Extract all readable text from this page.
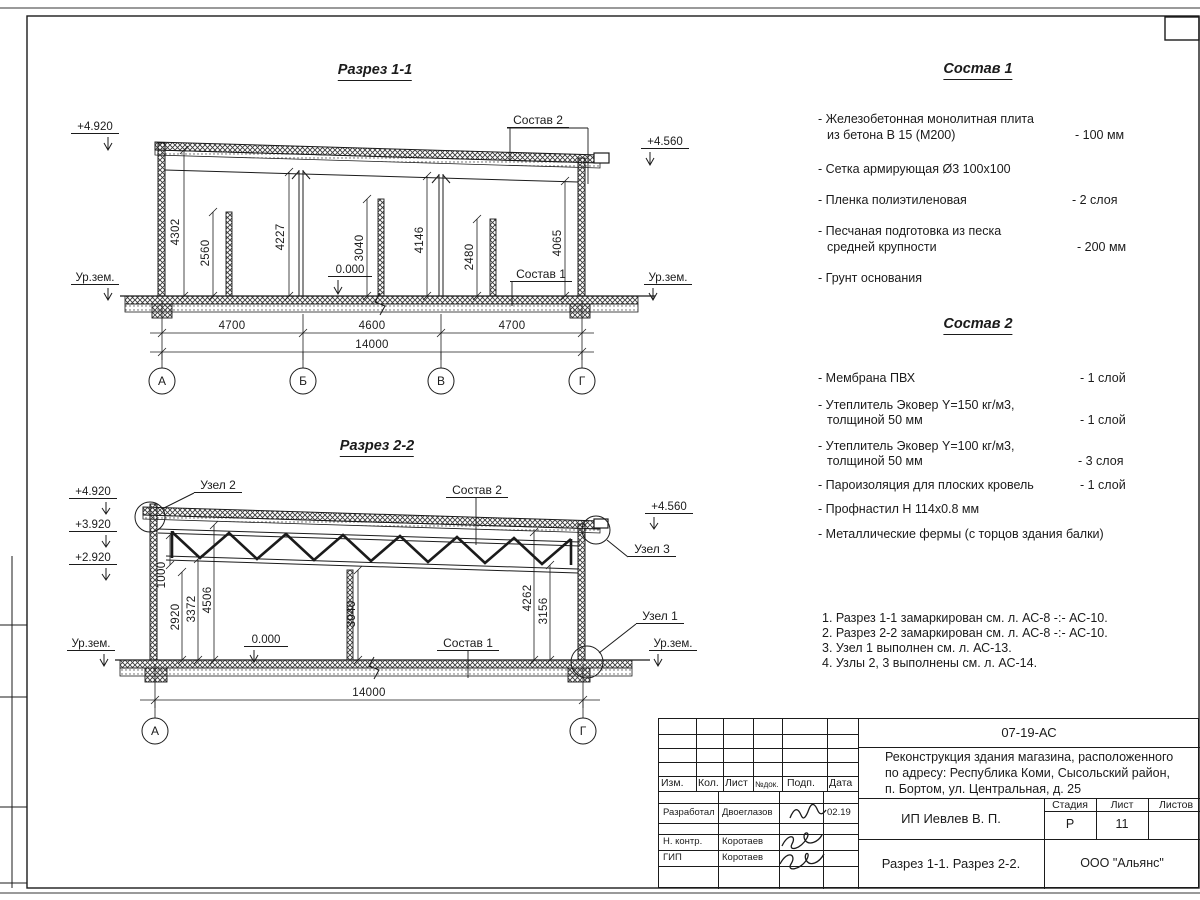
Разрез 1-1
+4.920
+4.560
Ур.зем.	Ур.зем.
0.000
Состав 2
Состав 1
4302
2560
4227	3040	4146
2480
4065
4700	4600	4700
14000
А	Б	В	Г
Разрез 2-2
+4.920
+3.920
+2.920
+4.560
Ур.зем.	Ур.зем.
0.000
Узел 2
Узел 3
Узел 1
Состав 2
Состав 1
1000
2920 3372 4506
3040
4262 3156
14000
А	Г
Состав 1
- Железобетонная монолитная плита
из бетона В 15 (М200)	- 100 мм
- Сетка армирующая Ø3 100х100
- Пленка полиэтиленовая	- 2 слоя
- Песчаная подготовка из песка
средней крупности	- 200 мм
- Грунт основания
Состав 2
- Мембрана ПВХ	- 1 слой
- Утеплитель Эковер Y=150 кг/м3,
толщиной 50 мм	- 1 слой
- Утеплитель Эковер Y=100 кг/м3,
толщиной 50 мм	- 3 слоя
- Пароизоляция для плоских кровель	- 1 слой
- Профнастил Н 114х0.8 мм
- Металлические фермы (с торцов здания балки)
1. Разрез 1-1 замаркирован см. л. АС-8 -:- АС-10.
2. Разрез 2-2 замаркирован см. л. АС-8 -:- АС-10.
3. Узел 1 выполнен см. л. АС-13.
4. Узлы 2, 3 выполнены см. л. АС-14.
Изм. Кол. Лист №док. Подп. Дата
Разработал Двоеглазов	02.19
Н. контр. Коротаев
ГИП	Коротаев
07-19-АС
Реконструкция здания магазина, расположенного
по адресу: Республика Коми, Сысольский район,
п. Бортом, ул. Центральная, д. 25
ИП Иевлев В. П.
Стадия Лист Листов
Р	11
Разрез 1-1. Разрез 2-2.	ООО "Альянс"
